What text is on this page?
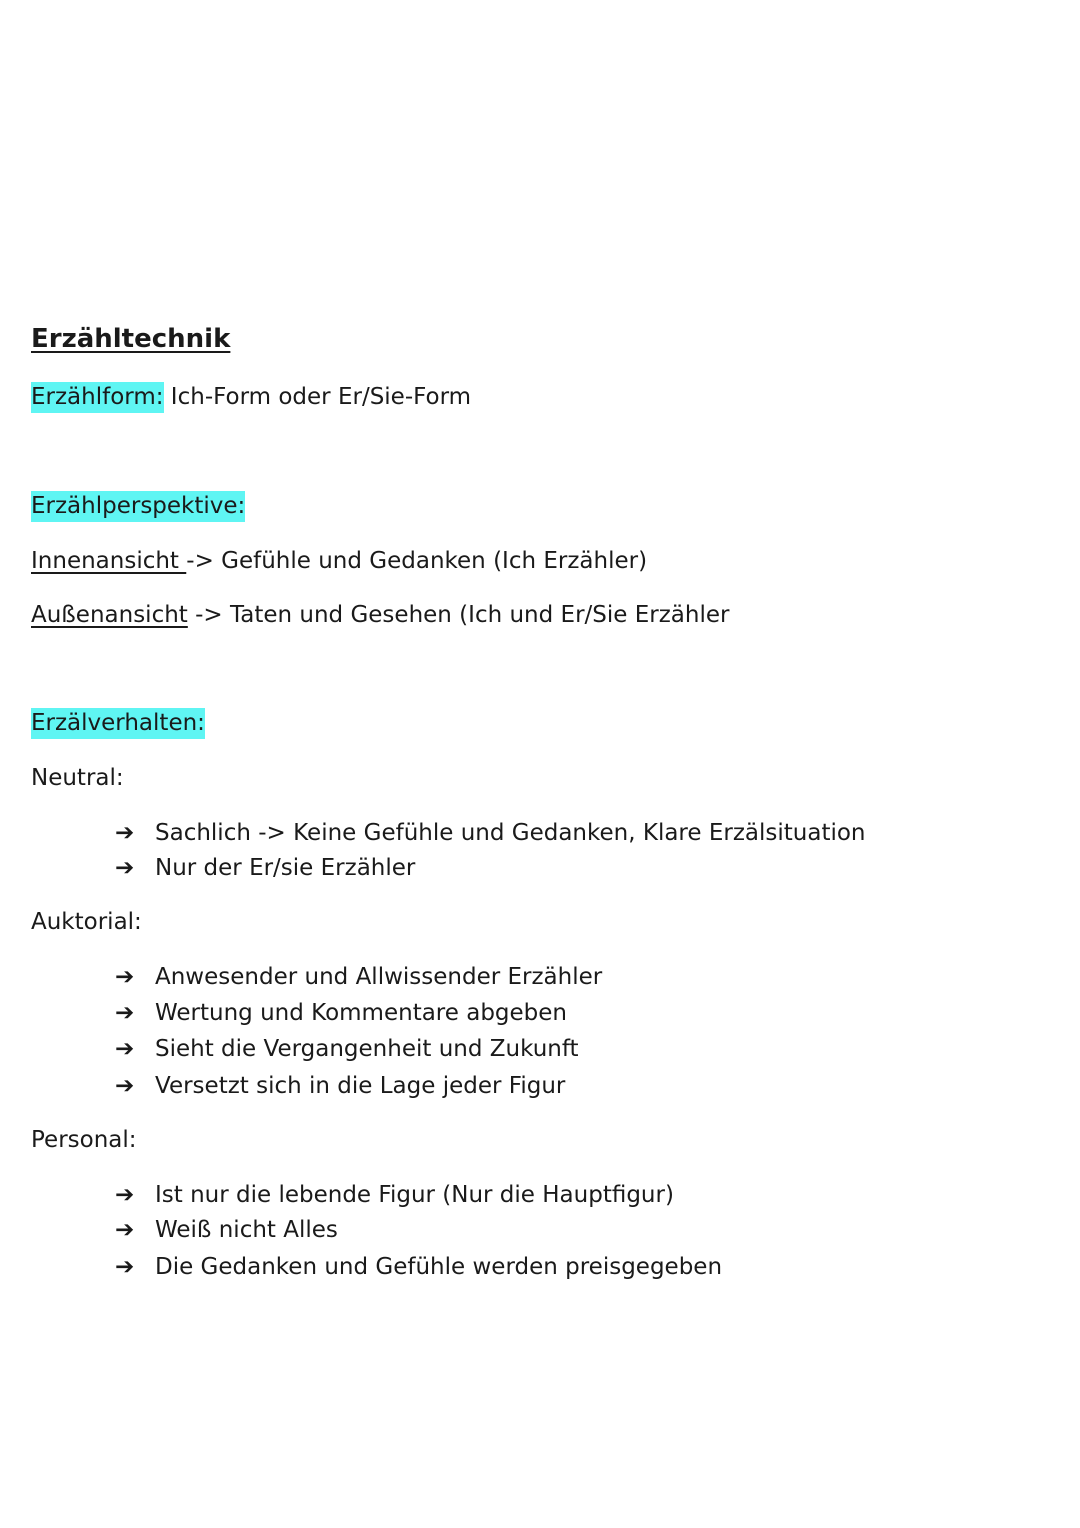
Erzähltechnik
Erzählform: Ich-Form oder Er/Sie-Form
Erzählperspektive:
Innenansicht -> Gefühle und Gedanken (Ich Erzähler)
Außenansicht -> Taten und Gesehen (Ich und Er/Sie Erzähler
Erzälverhalten:
Neutral:
➔ Sachlich -> Keine Gefühle und Gedanken, Klare Erzälsituation
➔ Nur der Er/sie Erzähler
Auktorial:
➔ Anwesender und Allwissender Erzähler
➔ Wertung und Kommentare abgeben
➔ Sieht die Vergangenheit und Zukunft
➔ Versetzt sich in die Lage jeder Figur
Personal:
➔ Ist nur die lebende Figur (Nur die Hauptfigur)
➔ Weiß nicht Alles
➔ Die Gedanken und Gefühle werden preisgegeben
